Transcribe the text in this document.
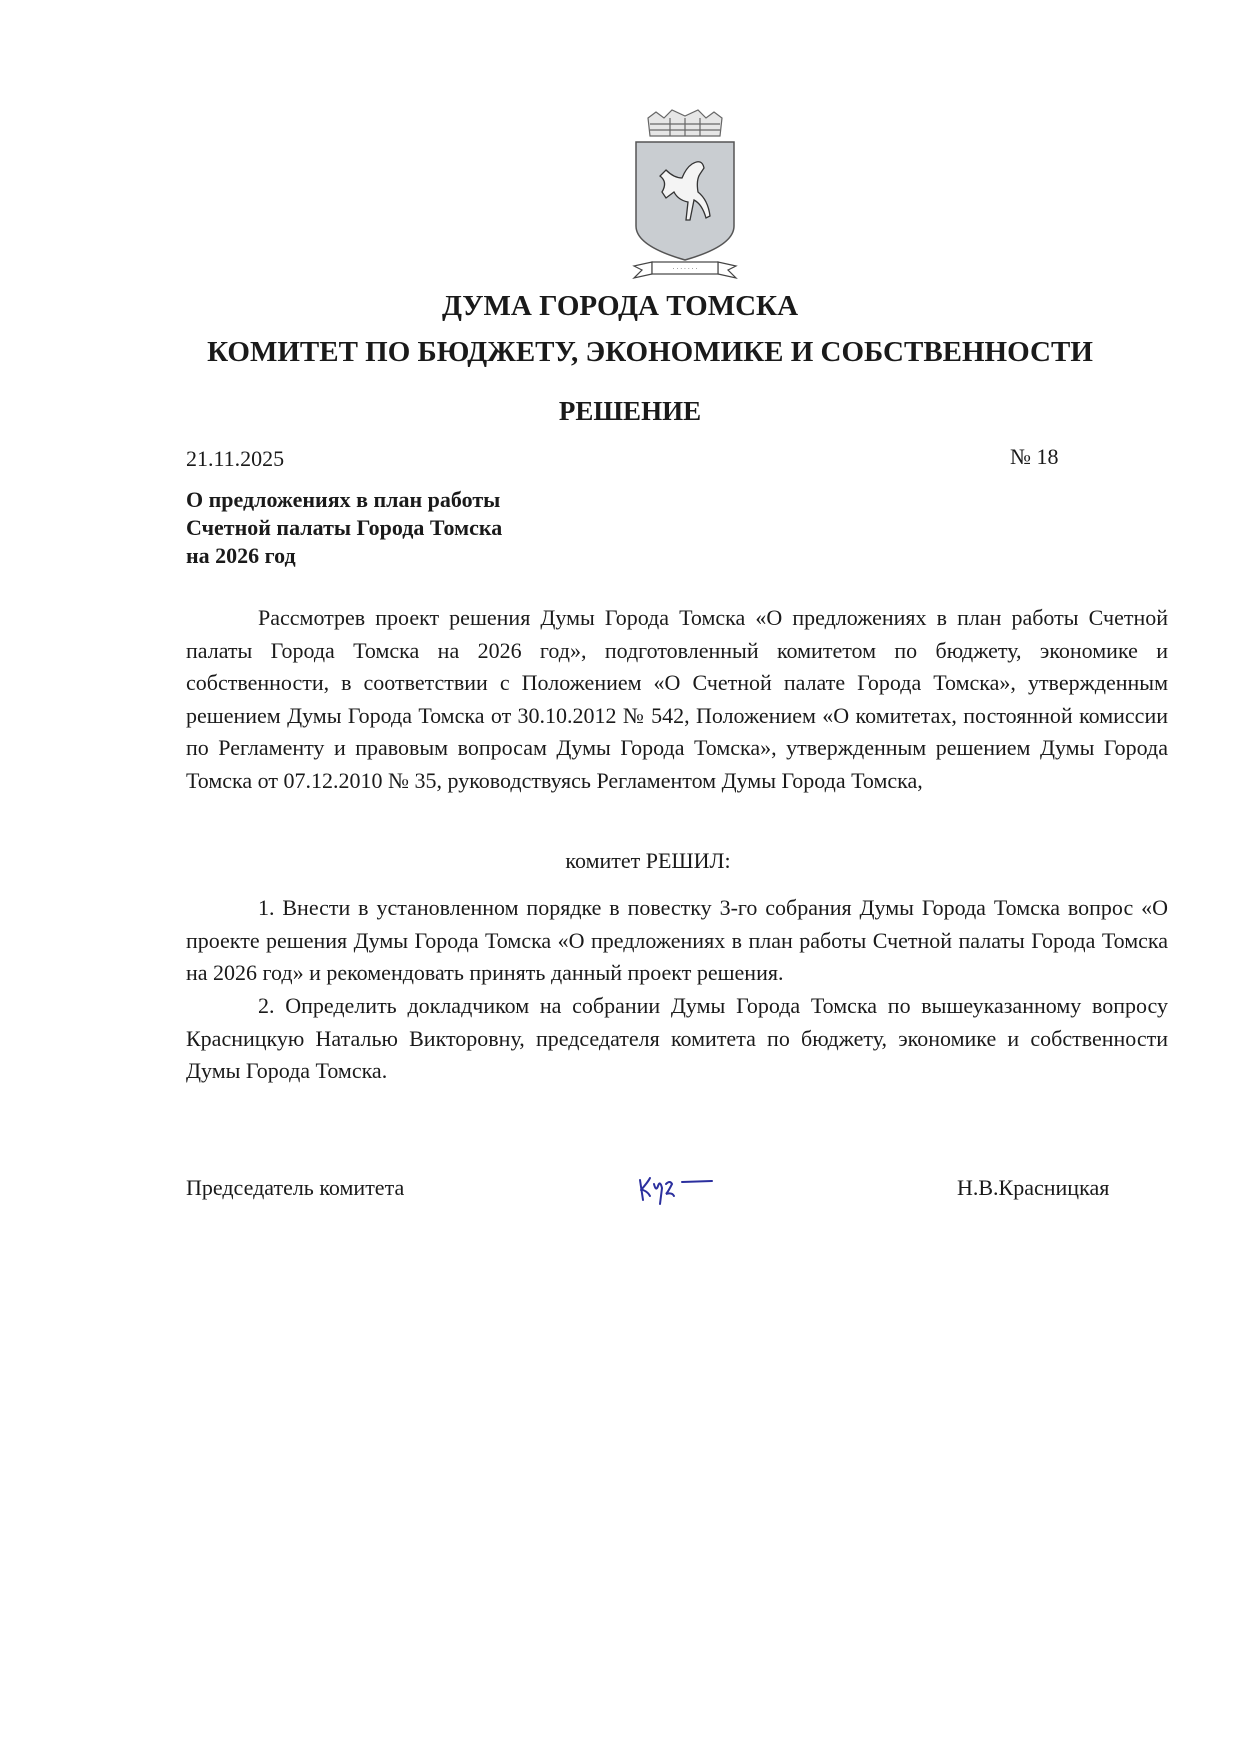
· · · · · · ·
ДУМА ГОРОДА ТОМСКА
КОМИТЕТ ПО БЮДЖЕТУ, ЭКОНОМИКЕ И СОБСТВЕННОСТИ
РЕШЕНИЕ
21.11.2025	№ 18
О предложениях в план работы
Счетной палаты Города Томска
на 2026 год
Рассмотрев проект решения Думы Города Томска «О предложениях в план работы Счетной палаты Города Томска на 2026 год», подготовленный комитетом по бюджету, экономике и собственности, в соответствии с Положением «О Счетной палате Города Томска», утвержденным решением Думы Города Томска от 30.10.2012 № 542, Положением «О комитетах, постоянной комиссии по Регламенту и правовым вопросам Думы Города Томска», утвержденным решением Думы Города Томска от 07.12.2010 № 35, руководствуясь Регламентом Думы Города Томска,
комитет РЕШИЛ:
1. Внести в установленном порядке в повестку 3-го собрания Думы Города Томска вопрос «О проекте решения Думы Города Томска «О предложениях в план работы Счетной палаты Города Томска на 2026 год» и рекомендовать принять данный проект решения.
2. Определить докладчиком на собрании Думы Города Томска по вышеуказанному вопросу Красницкую Наталью Викторовну, председателя комитета по бюджету, экономике и собственности Думы Города Томска.
Председатель комитета	Н.В.Красницкая
